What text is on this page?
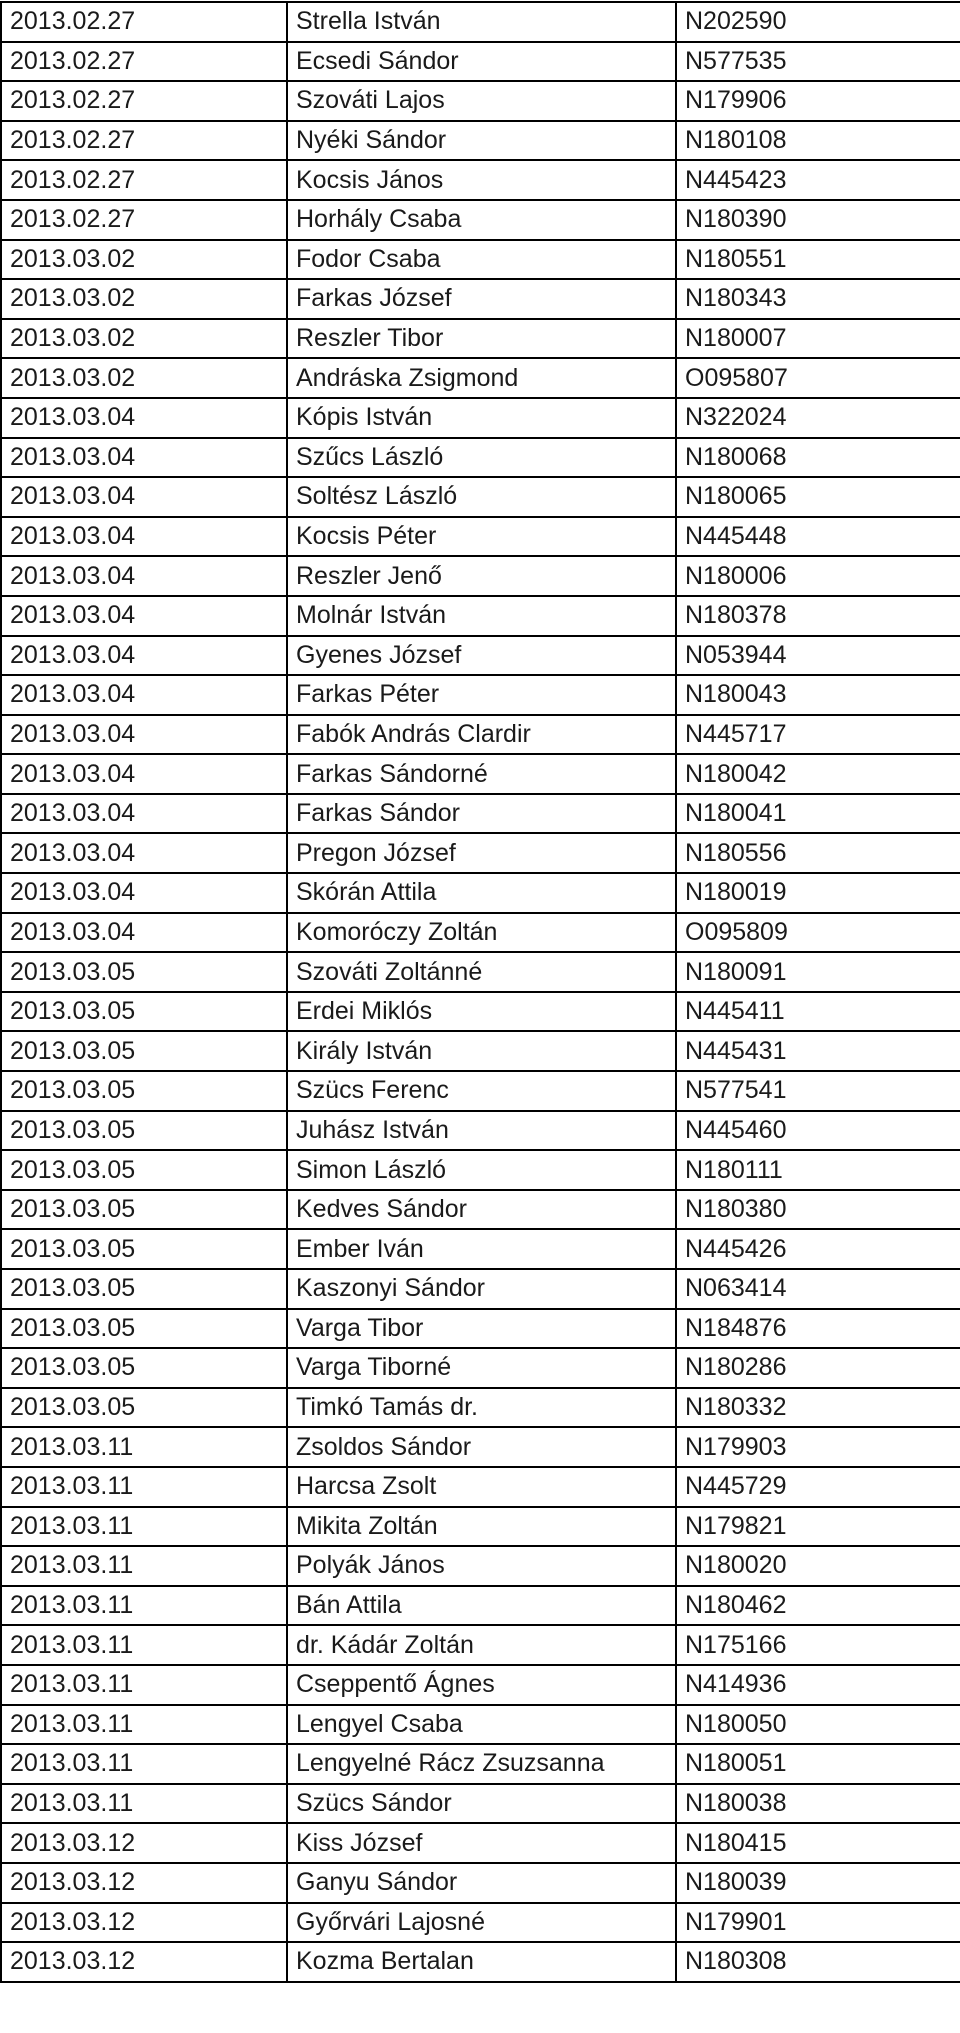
2013.02.27	Strella István	N202590
2013.02.27	Ecsedi Sándor	N577535
2013.02.27	Szováti Lajos	N179906
2013.02.27	Nyéki Sándor	N180108
2013.02.27	Kocsis János	N445423
2013.02.27	Horhály Csaba	N180390
2013.03.02	Fodor Csaba	N180551
2013.03.02	Farkas József	N180343
2013.03.02	Reszler Tibor	N180007
2013.03.02	Andráska Zsigmond	O095807
2013.03.04	Kópis István	N322024
2013.03.04	Szűcs László	N180068
2013.03.04	Soltész László	N180065
2013.03.04	Kocsis Péter	N445448
2013.03.04	Reszler Jenő	N180006
2013.03.04	Molnár István	N180378
2013.03.04	Gyenes József	N053944
2013.03.04	Farkas Péter	N180043
2013.03.04	Fabók András Clardir	N445717
2013.03.04	Farkas Sándorné	N180042
2013.03.04	Farkas Sándor	N180041
2013.03.04	Pregon József	N180556
2013.03.04	Skórán Attila	N180019
2013.03.04	Komoróczy Zoltán	O095809
2013.03.05	Szováti Zoltánné	N180091
2013.03.05	Erdei Miklós	N445411
2013.03.05	Király István	N445431
2013.03.05	Szücs Ferenc	N577541
2013.03.05	Juhász István	N445460
2013.03.05	Simon László	N180111
2013.03.05	Kedves Sándor	N180380
2013.03.05	Ember Iván	N445426
2013.03.05	Kaszonyi Sándor	N063414
2013.03.05	Varga Tibor	N184876
2013.03.05	Varga Tiborné	N180286
2013.03.05	Timkó Tamás dr.	N180332
2013.03.11	Zsoldos Sándor	N179903
2013.03.11	Harcsa Zsolt	N445729
2013.03.11	Mikita Zoltán	N179821
2013.03.11	Polyák János	N180020
2013.03.11	Bán Attila	N180462
2013.03.11	dr. Kádár Zoltán	N175166
2013.03.11	Cseppentő Ágnes	N414936
2013.03.11	Lengyel Csaba	N180050
2013.03.11	Lengyelné Rácz Zsuzsanna	N180051
2013.03.11	Szücs Sándor	N180038
2013.03.12	Kiss József	N180415
2013.03.12	Ganyu Sándor	N180039
2013.03.12	Győrvári Lajosné	N179901
2013.03.12	Kozma Bertalan	N180308
